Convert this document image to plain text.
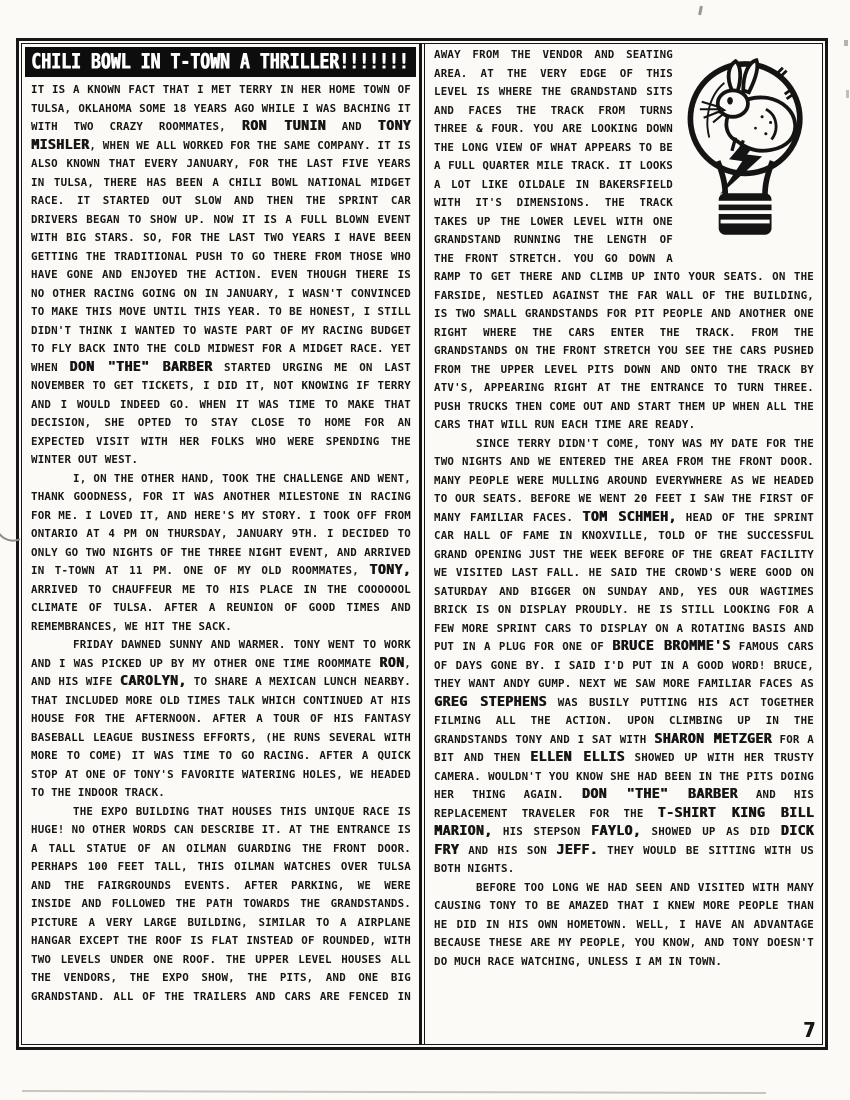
CHILI BOWL IN T-TOWN A THRILLER!!!!!!!

IT IS A KNOWN FACT THAT I MET TERRY IN HER HOME TOWN OF TULSA, OKLAHOMA SOME 18 YEARS AGO WHILE I WAS BACHING IT WITH TWO CRAZY ROOMMATES, RON TUNIN AND TONY MISHLER, WHEN WE ALL WORKED FOR THE SAME COMPANY. IT IS ALSO KNOWN THAT EVERY JANUARY, FOR THE LAST FIVE YEARS IN TULSA, THERE HAS BEEN A CHILI BOWL NATIONAL MIDGET RACE. IT STARTED OUT SLOW AND THEN THE SPRINT CAR DRIVERS BEGAN TO SHOW UP. NOW IT IS A FULL BLOWN EVENT WITH BIG STARS. SO, FOR THE LAST TWO YEARS I HAVE BEEN GETTING THE TRADITIONAL PUSH TO GO THERE FROM THOSE WHO HAVE GONE AND ENJOYED THE ACTION. EVEN THOUGH THERE IS NO OTHER RACING GOING ON IN JANUARY, I WASN'T CONVINCED TO MAKE THIS MOVE UNTIL THIS YEAR. TO BE HONEST, I STILL DIDN'T THINK I WANTED TO WASTE PART OF MY RACING BUDGET TO FLY BACK INTO THE COLD MIDWEST FOR A MIDGET RACE. YET WHEN DON "THE" BARBER STARTED URGING ME ON LAST NOVEMBER TO GET TICKETS, I DID IT, NOT KNOWING IF TERRY AND I WOULD INDEED GO. WHEN IT WAS TIME TO MAKE THAT DECISION, SHE OPTED TO STAY CLOSE TO HOME FOR AN EXPECTED VISIT WITH HER FOLKS WHO WERE SPENDING THE WINTER OUT WEST.

I, ON THE OTHER HAND, TOOK THE CHALLENGE AND WENT, THANK GOODNESS, FOR IT WAS ANOTHER MILESTONE IN RACING FOR ME. I LOVED IT, AND HERE'S MY STORY. I TOOK OFF FROM ONTARIO AT 4 PM ON THURSDAY, JANUARY 9TH. I DECIDED TO ONLY GO TWO NIGHTS OF THE THREE NIGHT EVENT, AND ARRIVED IN T-TOWN AT 11 PM. ONE OF MY OLD ROOMMATES, TONY, ARRIVED TO CHAUFFEUR ME TO HIS PLACE IN THE COOOOOOL CLIMATE OF TULSA. AFTER A REUNION OF GOOD TIMES AND REMEMBRANCES, WE HIT THE SACK.

FRIDAY DAWNED SUNNY AND WARMER. TONY WENT TO WORK AND I WAS PICKED UP BY MY OTHER ONE TIME ROOMMATE RON, AND HIS WIFE CAROLYN, TO SHARE A MEXICAN LUNCH NEARBY. THAT INCLUDED MORE OLD TIMES TALK WHICH CONTINUED AT HIS HOUSE FOR THE AFTERNOON. AFTER A TOUR OF HIS FANTASY BASEBALL LEAGUE BUSINESS EFFORTS, (HE RUNS SEVERAL WITH MORE TO COME) IT WAS TIME TO GO RACING. AFTER A QUICK STOP AT ONE OF TONY'S FAVORITE WATERING HOLES, WE HEADED TO THE INDOOR TRACK.

THE EXPO BUILDING THAT HOUSES THIS UNIQUE RACE IS HUGE! NO OTHER WORDS CAN DESCRIBE IT. AT THE ENTRANCE IS A TALL STATUE OF AN OILMAN GUARDING THE FRONT DOOR. PERHAPS 100 FEET TALL, THIS OILMAN WATCHES OVER TULSA AND THE FAIRGROUNDS EVENTS. AFTER PARKING, WE WERE INSIDE AND FOLLOWED THE PATH TOWARDS THE GRANDSTANDS. PICTURE A VERY LARGE BUILDING, SIMILAR TO A AIRPLANE HANGAR EXCEPT THE ROOF IS FLAT INSTEAD OF ROUNDED, WITH TWO LEVELS UNDER ONE ROOF. THE UPPER LEVEL HOUSES ALL THE VENDORS, THE EXPO SHOW, THE PITS, AND ONE BIG GRANDSTAND. ALL OF THE TRAILERS AND CARS ARE FENCED IN

AWAY FROM THE VENDOR AND SEATING AREA. AT THE VERY EDGE OF THIS LEVEL IS WHERE THE GRANDSTAND SITS AND FACES THE TRACK FROM TURNS THREE & FOUR. YOU ARE LOOKING DOWN THE LONG VIEW OF WHAT APPEARS TO BE A FULL QUARTER MILE TRACK. IT LOOKS A LOT LIKE OILDALE IN BAKERSFIELD WITH IT'S DIMENSIONS. THE TRACK TAKES UP THE LOWER LEVEL WITH ONE GRANDSTAND RUNNING THE LENGTH OF THE FRONT STRETCH. YOU GO DOWN A RAMP TO GET THERE AND CLIMB UP INTO YOUR SEATS. ON THE FARSIDE, NESTLED AGAINST THE FAR WALL OF THE BUILDING, IS TWO SMALL GRANDSTANDS FOR PIT PEOPLE AND ANOTHER ONE RIGHT WHERE THE CARS ENTER THE TRACK. FROM THE GRANDSTANDS ON THE FRONT STRETCH YOU SEE THE CARS PUSHED FROM THE UPPER LEVEL PITS DOWN AND ONTO THE TRACK BY ATV'S, APPEARING RIGHT AT THE ENTRANCE TO TURN THREE. PUSH TRUCKS THEN COME OUT AND START THEM UP WHEN ALL THE CARS THAT WILL RUN EACH TIME ARE READY.

SINCE TERRY DIDN'T COME, TONY WAS MY DATE FOR THE TWO NIGHTS AND WE ENTERED THE AREA FROM THE FRONT DOOR. MANY PEOPLE WERE MULLING AROUND EVERYWHERE AS WE HEADED TO OUR SEATS. BEFORE WE WENT 20 FEET I SAW THE FIRST OF MANY FAMILIAR FACES. TOM SCHMEH, HEAD OF THE SPRINT CAR HALL OF FAME IN KNOXVILLE, TOLD OF THE SUCCESSFUL GRAND OPENING JUST THE WEEK BEFORE OF THE GREAT FACILITY WE VISITED LAST FALL. HE SAID THE CROWD'S WERE GOOD ON SATURDAY AND BIGGER ON SUNDAY AND, YES OUR WAGTIMES BRICK IS ON DISPLAY PROUDLY. HE IS STILL LOOKING FOR A FEW MORE SPRINT CARS TO DISPLAY ON A ROTATING BASIS AND PUT IN A PLUG FOR ONE OF BRUCE BROMME'S FAMOUS CARS OF DAYS GONE BY. I SAID I'D PUT IN A GOOD WORD! BRUCE, THEY WANT ANDY GUMP. NEXT WE SAW MORE FAMILIAR FACES AS GREG STEPHENS WAS BUSILY PUTTING HIS ACT TOGETHER FILMING ALL THE ACTION. UPON CLIMBING UP IN THE GRANDSTANDS TONY AND I SAT WITH SHARON METZGER FOR A BIT AND THEN ELLEN ELLIS SHOWED UP WITH HER TRUSTY CAMERA. WOULDN'T YOU KNOW SHE HAD BEEN IN THE PITS DOING HER THING AGAIN. DON "THE" BARBER AND HIS REPLACEMENT TRAVELER FOR THE T-SHIRT KING BILL MARION, HIS STEPSON FAYLO, SHOWED UP AS DID DICK FRY AND HIS SON JEFF. THEY WOULD BE SITTING WITH US BOTH NIGHTS.

BEFORE TOO LONG WE HAD SEEN AND VISITED WITH MANY CAUSING TONY TO BE AMAZED THAT I KNEW MORE PEOPLE THAN HE DID IN HIS OWN HOMETOWN. WELL, I HAVE AN ADVANTAGE BECAUSE THESE ARE MY PEOPLE, YOU KNOW, AND TONY DOESN'T DO MUCH RACE WATCHING, UNLESS I AM IN TOWN.

7
